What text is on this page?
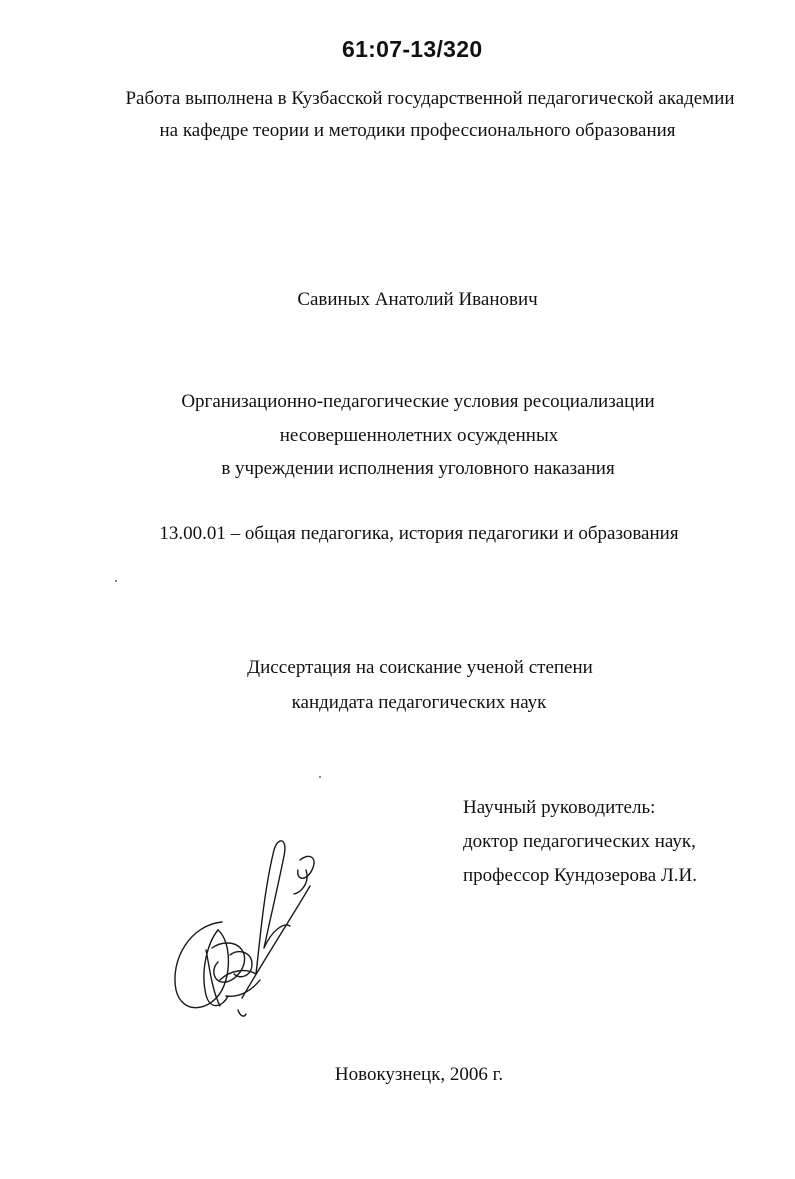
61:07-13/320
Работа выполнена в Кузбасской государственной педагогической академии
на кафедре теории и методики профессионального образования
Савиных Анатолий Иванович
Организационно-педагогические условия ресоциализации
несовершеннолетних осужденных
в учреждении исполнения уголовного наказания
13.00.01 – общая педагогика, история педагогики и образования
Диссертация на соискание ученой степени
кандидата педагогических наук
Научный руководитель:
доктор педагогических наук,
профессор Кундозерова Л.И.
Новокузнецк, 2006 г.
